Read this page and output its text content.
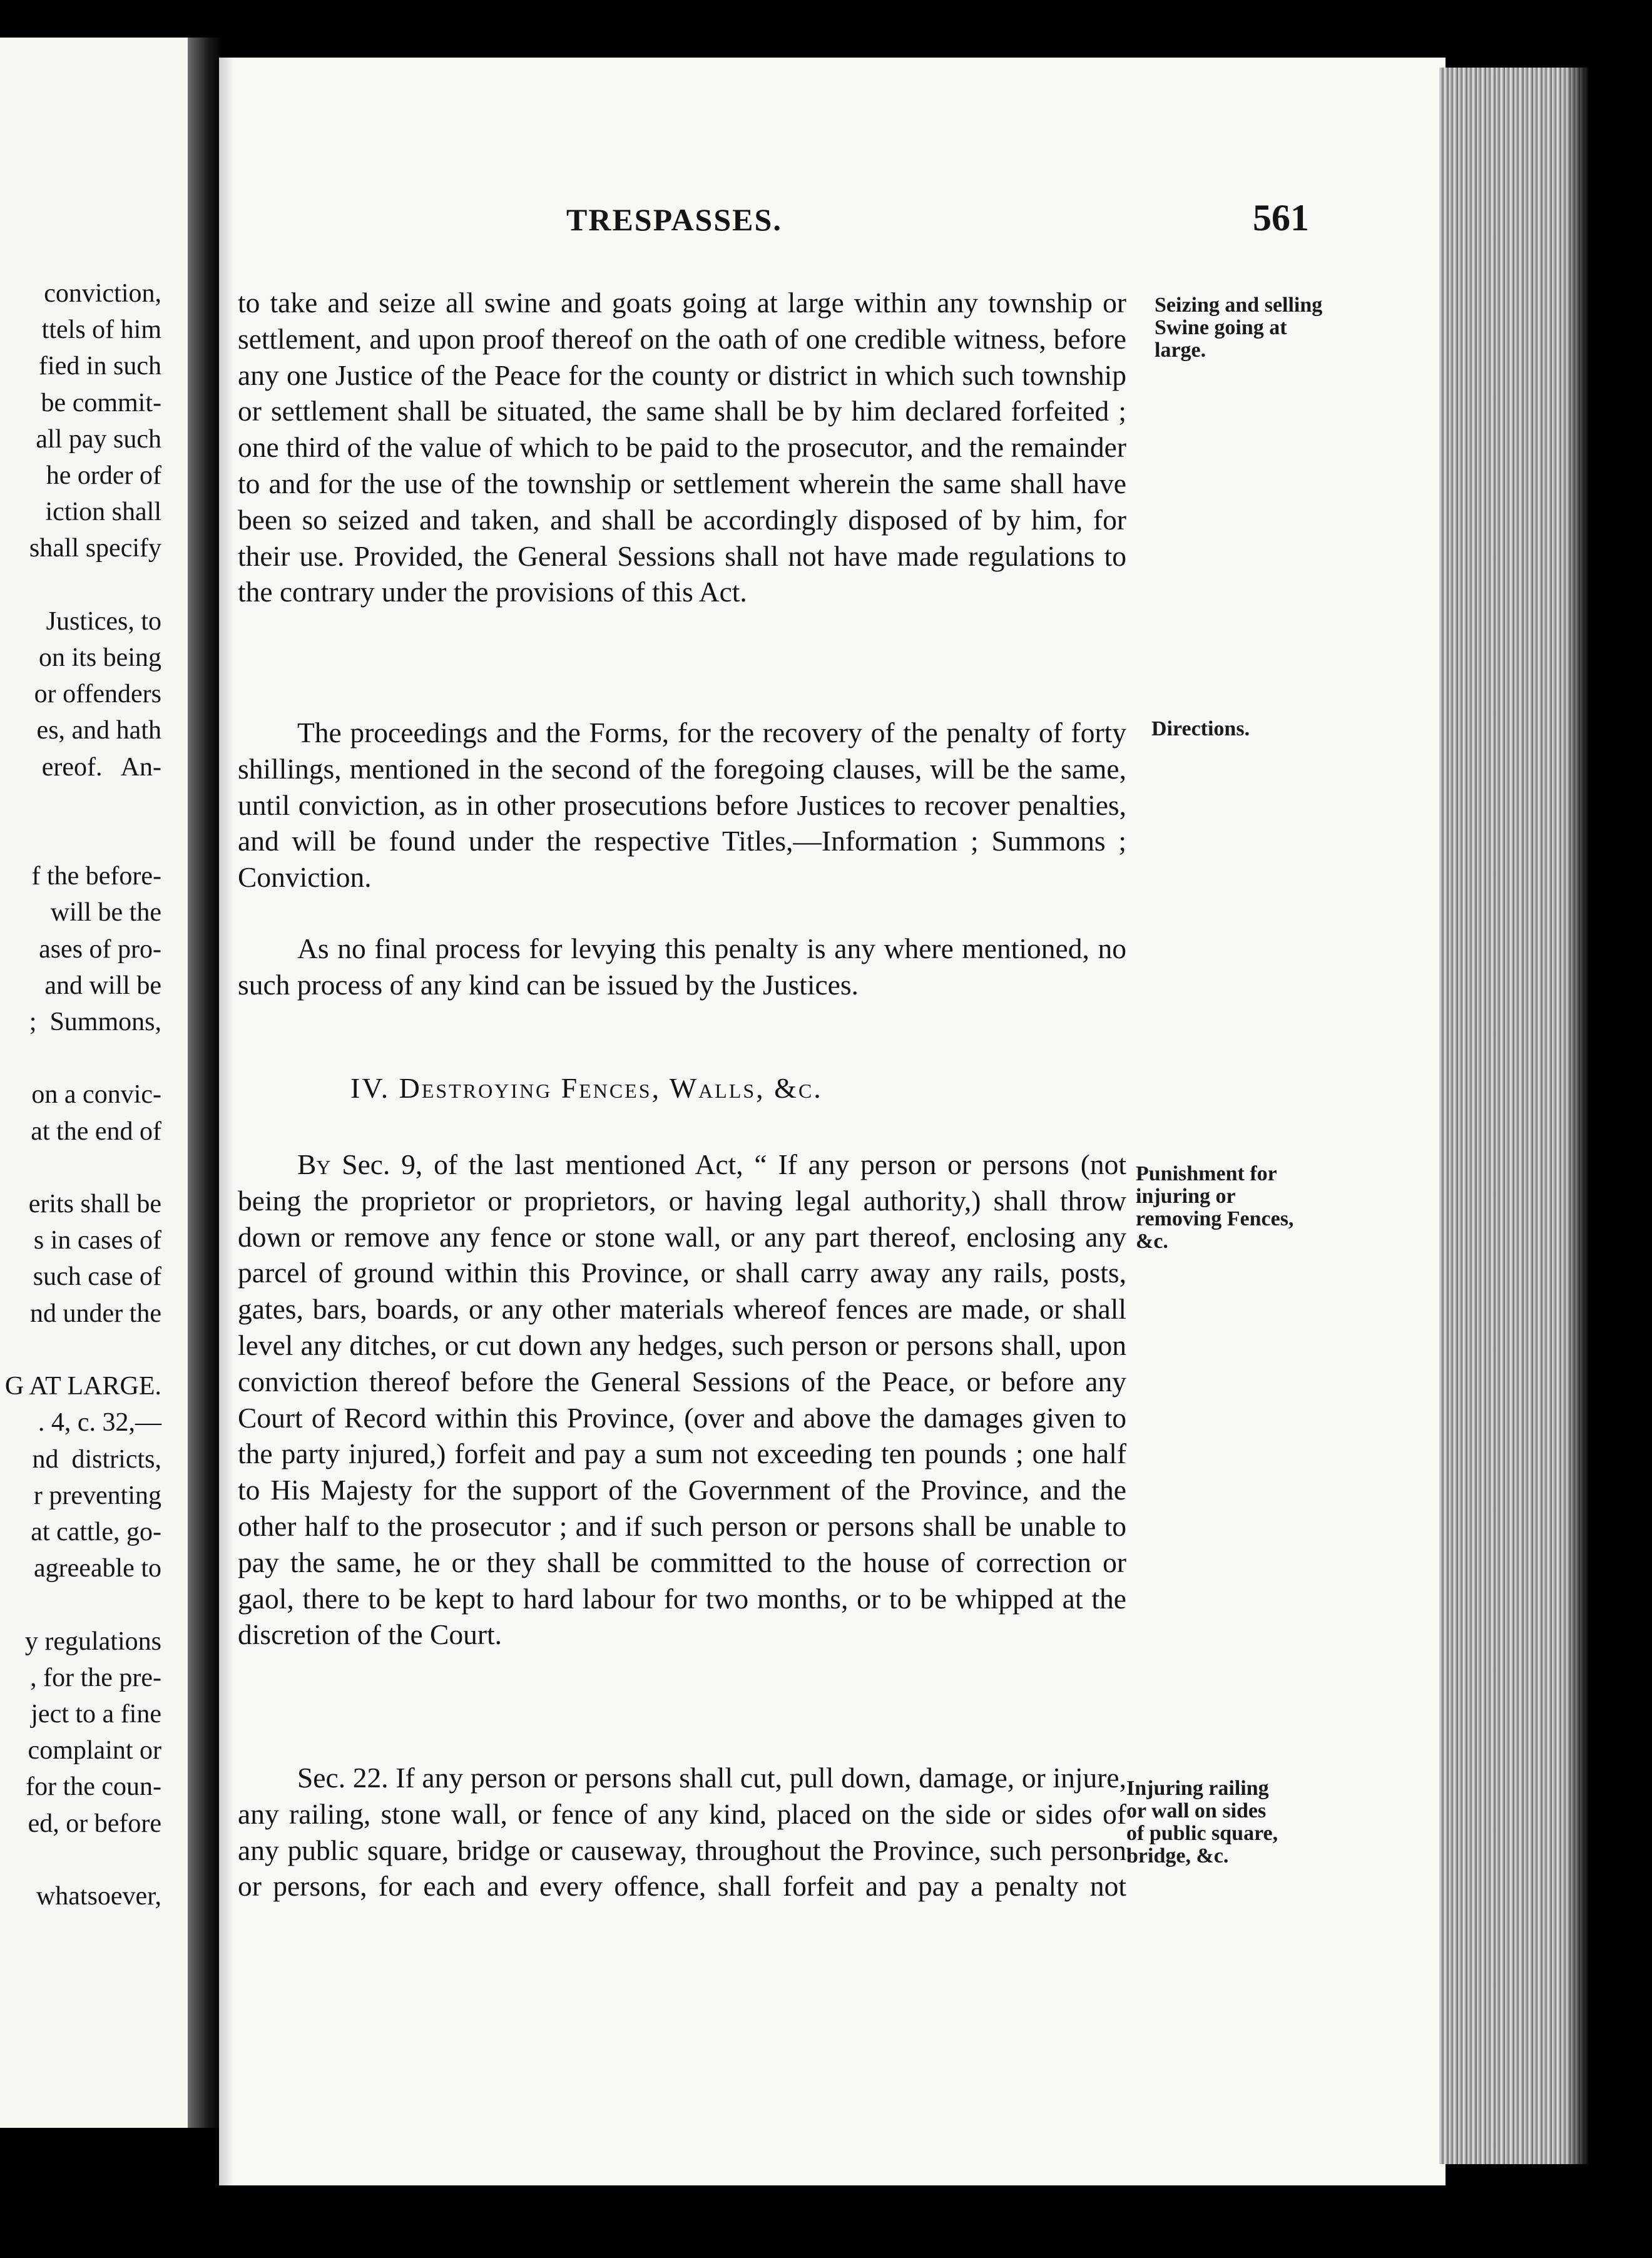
conviction,
ttels of him
fied in such
be commit-
all pay such
he order of
iction shall
shall specify

Justices, to
on its being
or offenders
es, and hath
ereof.   An-

f the before-
will be the
ases of pro-
and will be
;  Summons,

on a convic-
at the end of

erits shall be
s in cases of
such case of
nd under the

G AT LARGE.
. 4, c. 32,—
nd  districts,
r preventing
at cattle, go-
agreeable to

y regulations
, for the pre-
ject to a fine
complaint or
for the coun-
ed, or before

whatsoever,
TRESPASSES.	561
to take and seize all swine and goats going at large within any township or settlement, and upon proof thereof on the oath of one credible witness, before any one Justice of the Peace for the county or district in which such township or settlement shall be situated, the same shall be by him declared forfeited ; one third of the value of which to be paid to the prosecutor, and the remainder to and for the use of the township or settlement wherein the same shall have been so seized and taken, and shall be accordingly disposed of by him, for their use. Provided, the General Sessions shall not have made regulations to the contrary under the provisions of this Act.
The proceedings and the Forms, for the recovery of the penalty of forty shillings, mentioned in the second of the foregoing clauses, will be the same, until conviction, as in other prosecutions before Justices to recover penalties, and will be found under the respective Titles,—Information ; Summons ; Conviction.
As no final process for levying this penalty is any where mentioned, no such process of any kind can be issued by the Justices.
IV. Destroying Fences, Walls, &c.
By Sec. 9, of the last mentioned Act, “ If any person or persons (not being the proprietor or proprietors, or having legal authority,) shall throw down or remove any fence or stone wall, or any part thereof, enclosing any parcel of ground within this Province, or shall carry away any rails, posts, gates, bars, boards, or any other materials whereof fences are made, or shall level any ditches, or cut down any hedges, such person or persons shall, upon conviction thereof before the General Sessions of the Peace, or before any Court of Record within this Province, (over and above the damages given to the party injured,) forfeit and pay a sum not exceeding ten pounds ; one half to His Majesty for the support of the Government of the Province, and the other half to the prosecutor ; and if such person or persons shall be unable to pay the same, he or they shall be committed to the house of correction or gaol, there to be kept to hard labour for two months, or to be whipped at the discretion of the Court.
Sec. 22. If any person or persons shall cut, pull down, damage, or injure, any railing, stone wall, or fence of any kind, placed on the side or sides of any public square, bridge or causeway, throughout the Province, such person or persons, for each and every offence, shall forfeit and pay a penalty not
Seizing and selling Swine going at large.
Directions.
Punishment for injuring or removing Fences, &c.
Injuring railing or wall on sides of public square, bridge, &c.
